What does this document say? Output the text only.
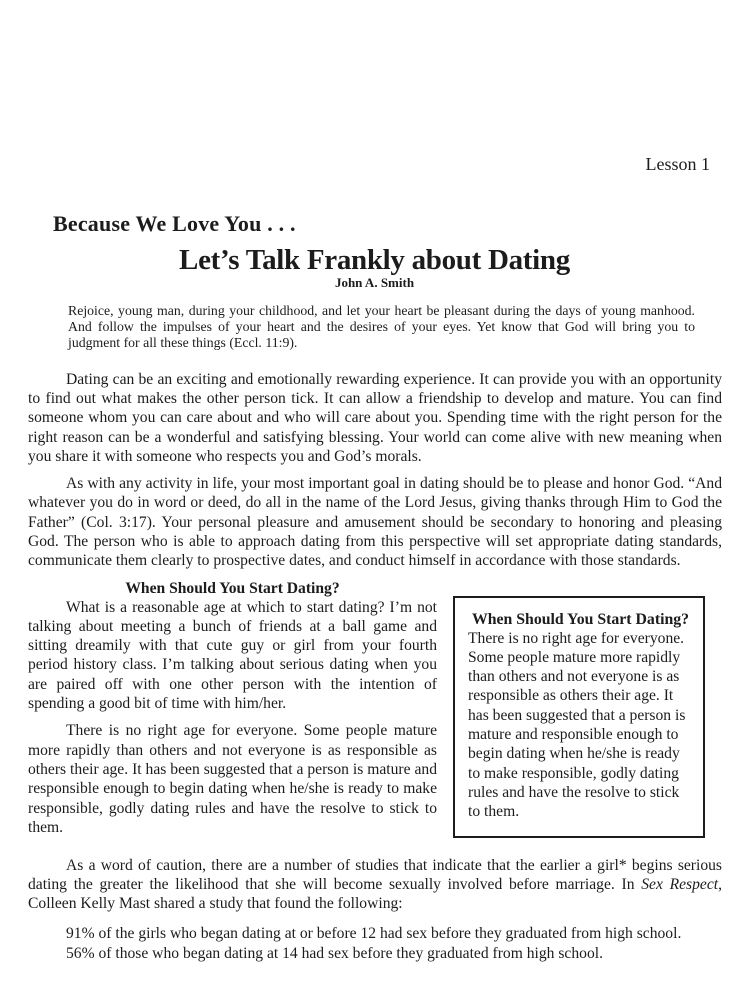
Lesson 1
Because We Love You . . .
Let’s Talk Frankly about Dating
John A. Smith
Rejoice, young man, during your childhood, and let your heart be pleasant during the days of young manhood. And follow the impulses of your heart and the desires of your eyes. Yet know that God will bring you to judgment for all these things (Eccl. 11:9).

Dating can be an exciting and emotionally rewarding experience. It can provide you with an opportunity to find out what makes the other person tick. It can allow a friendship to develop and mature. You can find someone whom you can care about and who will care about you. Spending time with the right person for the right reason can be a wonderful and satisfying blessing. Your world can come alive with new meaning when you share it with someone who respects you and God’s morals.

As with any activity in life, your most important goal in dating should be to please and honor God. “And whatever you do in word or deed, do all in the name of the Lord Jesus, giving thanks through Him to God the Father” (Col. 3:17). Your personal pleasure and amusement should be secondary to honoring and pleasing God. The person who is able to approach dating from this perspective will set appropriate dating standards, communicate them clearly to prospective dates, and conduct himself in accordance with those standards.

When Should You Start Dating?

What is a reasonable age at which to start dating? I’m not talking about meeting a bunch of friends at a ball game and sitting dreamily with that cute guy or girl from your fourth period history class. I’m talking about serious dating when you are paired off with one other person with the intention of spending a good bit of time with him/her.

There is no right age for everyone. Some people mature more rapidly than others and not everyone is as responsible as others their age. It has been suggested that a person is mature and responsible enough to begin dating when he/she is ready to make responsible, godly dating rules and have the resolve to stick to them.

When Should You Start Dating?
There is no right age for everyone. Some people mature more rapidly than others and not everyone is as responsible as others their age. It has been suggested that a person is mature and responsible enough to begin dating when he/she is ready to make responsible, godly dating rules and have the resolve to stick to them.

As a word of caution, there are a number of studies that indicate that the earlier a girl* begins serious dating the greater the likelihood that she will become sexually involved before marriage. In Sex Respect, Colleen Kelly Mast shared a study that found the following:

91% of the girls who began dating at or before 12 had sex before they graduated from high school.
56% of those who began dating at 14 had sex before they graduated from high school.
